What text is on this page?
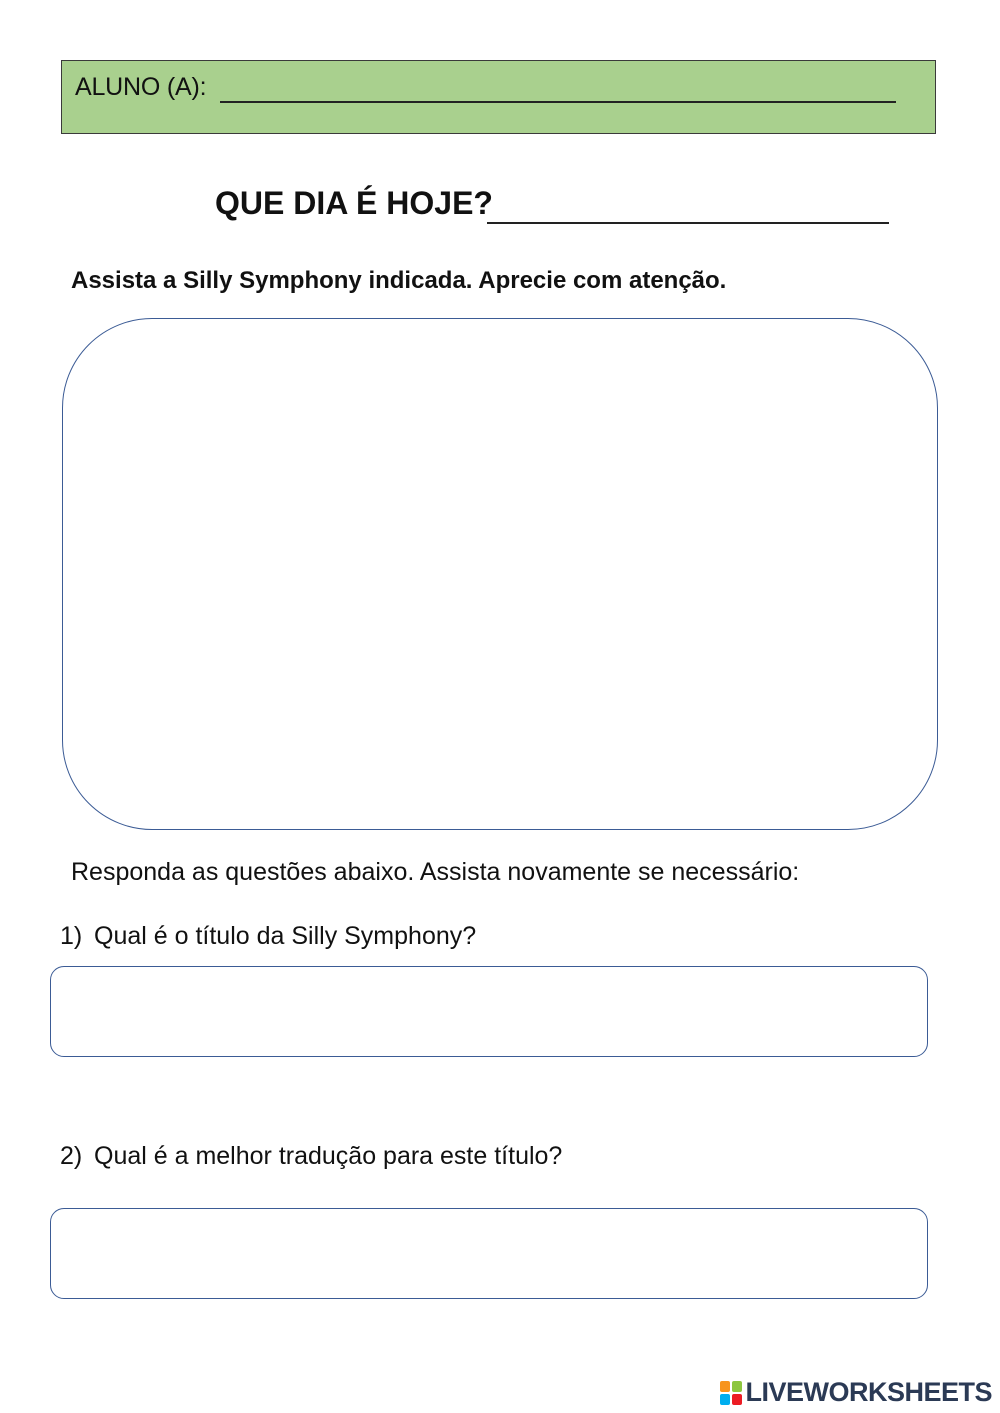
ALUNO (A):
QUE DIA É HOJE?
Assista a Silly Symphony indicada. Aprecie com atenção.
Responda as questões abaixo. Assista novamente se necessário:
1) Qual é o título da Silly Symphony?
2) Qual é a melhor tradução para este título?
LIVEWORKSHEETS
